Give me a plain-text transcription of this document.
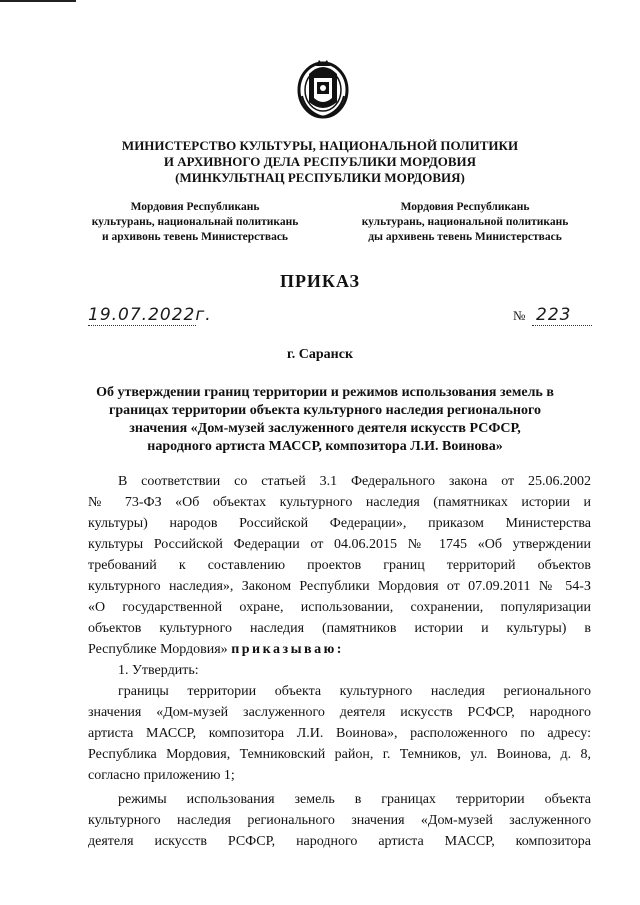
МИНИСТЕРСТВО КУЛЬТУРЫ, НАЦИОНАЛЬНОЙ ПОЛИТИКИ
И АРХИВНОГО ДЕЛА РЕСПУБЛИКИ МОРДОВИЯ
(МИНКУЛЬТНАЦ РЕСПУБЛИКИ МОРДОВИЯ)
Мордовия Республикань
культурань, национальнай политикань
и архивонь тевень Министерствась
Мордовия Республикань
культурань, национальной политикань
ды архивень тевень Министерствась
ПРИКАЗ
19.07.2022г.	№ 223
г. Саранск
Об утверждении границ территории и режимов использования земель в
границах территории объекта культурного наследия регионального
значения «Дом-музей заслуженного деятеля искусств РСФСР,
народного артиста МАССР, композитора Л.И. Воинова»
В соответствии со статьей 3.1 Федерального закона от 25.06.2002
№ 73-ФЗ «Об объектах культурного наследия (памятниках истории и
культуры) народов Российской Федерации», приказом Министерства
культуры Российской Федерации от 04.06.2015 № 1745 «Об утверждении
требований к составлению проектов границ территорий объектов
культурного наследия», Законом Республики Мордовия от 07.09.2011 № 54-З
«О государственной охране, использовании, сохранении, популяризации
объектов культурного наследия (памятников истории и культуры) в
Республике Мордовия» приказываю:
1. Утвердить:
границы территории объекта культурного наследия регионального
значения «Дом-музей заслуженного деятеля искусств РСФСР, народного
артиста МАССР, композитора Л.И. Воинова», расположенного по адресу:
Республика Мордовия, Темниковский район, г. Темников, ул. Воинова, д. 8,
согласно приложению 1;
режимы использования земель в границах территории объекта
культурного наследия регионального значения «Дом-музей заслуженного
деятеля искусств РСФСР, народного артиста МАССР, композитора
